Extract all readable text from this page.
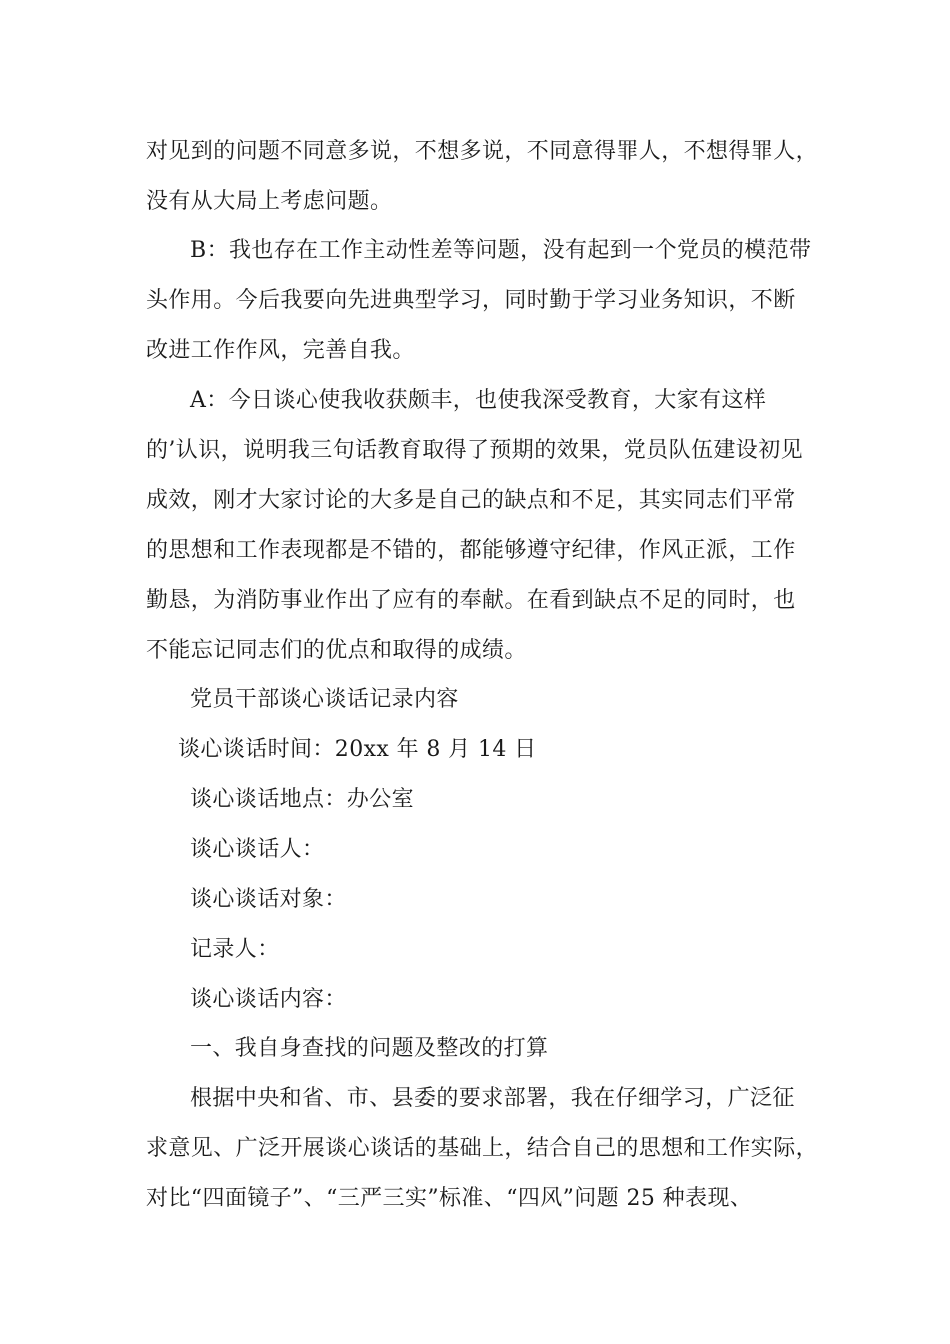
对见到的问题不同意多说，不想多说，不同意得罪人，不想得罪人，
没有从大局上考虑问题。
B：我也存在工作主动性差等问题，没有起到一个党员的模范带
头作用。今后我要向先进典型学习，同时勤于学习业务知识，不断
改进工作作风，完善自我。
A：今日谈心使我收获颇丰，也使我深受教育，大家有这样
的’认识，说明我三句话教育取得了预期的效果，党员队伍建设初见
成效，刚才大家讨论的大多是自己的缺点和不足，其实同志们平常
的思想和工作表现都是不错的，都能够遵守纪律，作风正派，工作
勤恳，为消防事业作出了应有的奉献。在看到缺点不足的同时，也
不能忘记同志们的优点和取得的成绩。
党员干部谈心谈话记录内容
谈心谈话时间：20xx 年 8 月 14 日
谈心谈话地点：办公室
谈心谈话人：
谈心谈话对象：
记录人：
谈心谈话内容：
一、我自身查找的问题及整改的打算
根据中央和省、市、县委的要求部署，我在仔细学习，广泛征
求意见、广泛开展谈心谈话的基础上，结合自己的思想和工作实际，
对比“四面镜子”、“三严三实”标准、“四风”问题 25 种表现、
